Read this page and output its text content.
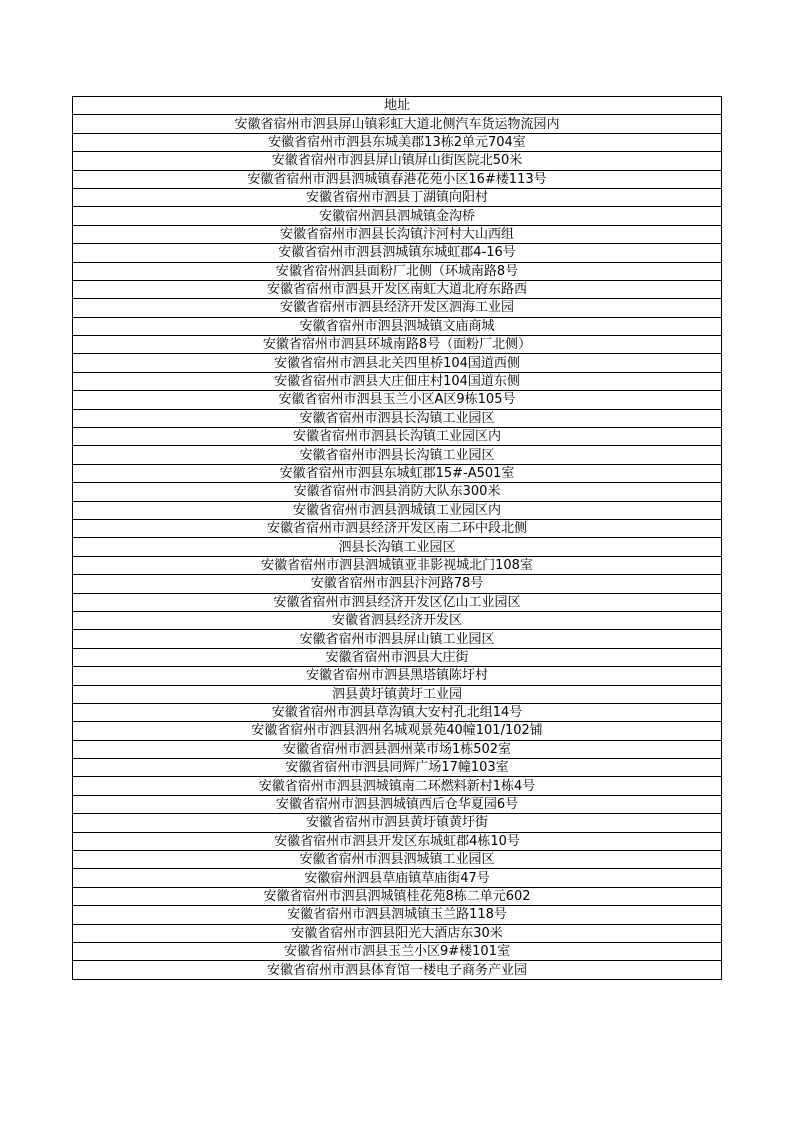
地址
安徽省宿州市泗县屏山镇彩虹大道北侧汽车货运物流园内
安徽省宿州市泗县东城美郡13栋2单元704室
安徽省宿州市泗县屏山镇屏山街医院北50米
安徽省宿州市泗县泗城镇春港花苑小区16#楼113号
安徽省宿州市泗县丁湖镇向阳村
安徽宿州泗县泗城镇金沟桥
安徽省宿州市泗县长沟镇汴河村大山西组
安徽省宿州市泗县泗城镇东城虹郡4-16号
安徽省宿州泗县面粉厂北侧（环城南路8号
安徽省宿州市泗县开发区南虹大道北府东路西
安徽省宿州市泗县经济开发区泗海工业园
安徽省宿州市泗县泗城镇文庙商城
安徽省宿州市泗县环城南路8号（面粉厂北侧）
安徽省宿州市泗县北关四里桥104国道西侧
安徽省宿州市泗县大庄佃庄村104国道东侧
安徽省宿州市泗县玉兰小区A区9栋105号
安徽省宿州市泗县长沟镇工业园区
安徽省宿州市泗县长沟镇工业园区内
安徽省宿州市泗县长沟镇工业园区
安徽省宿州市泗县东城虹郡15#-A501室
安徽省宿州市泗县消防大队东300米
安徽省宿州市泗县泗城镇工业园区内
安徽省宿州市泗县经济开发区南二环中段北侧
泗县长沟镇工业园区
安徽省宿州市泗县泗城镇亚非影视城北门108室
安徽省宿州市泗县汴河路78号
安徽省宿州市泗县经济开发区亿山工业园区
安徽省泗县经济开发区
安徽省宿州市泗县屏山镇工业园区
安徽省宿州市泗县大庄街
安徽省宿州市泗县黑塔镇陈圩村
泗县黄圩镇黄圩工业园
安徽省宿州市泗县草沟镇大安村孔北组14号
安徽省宿州市泗县泗州名城观景苑40幢101/102铺
安徽省宿州市泗县泗州菜市场1栋502室
安徽省宿州市泗县同辉广场17幢103室
安徽省宿州市泗县泗城镇南二环燃料新村1栋4号
安徽省宿州市泗县泗城镇西后仓华夏园6号
安徽省宿州市泗县黄圩镇黄圩街
安徽省宿州市泗县开发区东城虹郡4栋10号
安徽省宿州市泗县泗城镇工业园区
安徽宿州泗县草庙镇草庙街47号
安徽省宿州市泗县泗城镇桂花苑8栋二单元602
安徽省宿州市泗县泗城镇玉兰路118号
安徽省宿州市泗县阳光大酒店东30米
安徽省宿州市泗县玉兰小区9#楼101室
安徽省宿州市泗县体育馆一楼电子商务产业园
